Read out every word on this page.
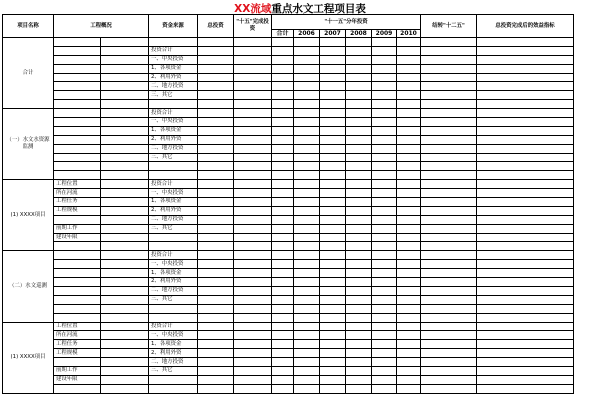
XX流域重点水文工程项目表
项目名称	工程概况		资金来源	总投资	"十五"完成投资	"十一五"分年投资						结转"十二五"	总投资完成后的效益指标
						合计	2006	2007	2008	2009	2010		
合计													
			投资合计										
			一、中央投资										
			1、各项资金										
			2、利用外资										
			二、地方投资										
			三、其它										

（一）水文水资源监测			投资合计										
			一、中央投资										
			1、各项资金										
			2、利用外资										
			二、地方投资										
			三、其它										

(1) XXXX项目	工程位置		投资合计										
	所在河流		一、中央投资										
	工程任务		1、各项资金										
	工程规模		2、利用外资										
			二、地方投资										
	前期工作		三、其它										
	建设年限												

（二）水文巡测			投资合计										
			一、中央投资										
			1、各项资金										
			2、利用外资										
			二、地方投资										
			三、其它										

(1) XXXX项目	工程位置		投资合计										
	所在河流		一、中央投资										
	工程任务		1、各项资金										
	工程规模		2、利用外资										
			二、地方投资										
	前期工作		三、其它										
	建设年限												
